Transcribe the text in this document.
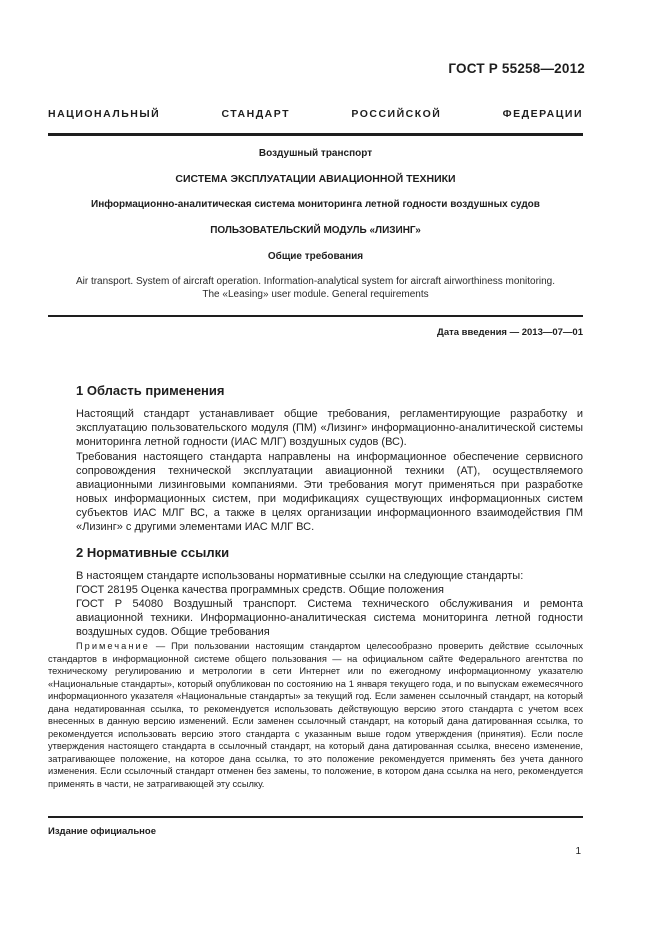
ГОСТ Р 55258—2012
НАЦИОНАЛЬНЫЙ СТАНДАРТ РОССИЙСКОЙ ФЕДЕРАЦИИ
Воздушный транспорт
СИСТЕМА ЭКСПЛУАТАЦИИ АВИАЦИОННОЙ ТЕХНИКИ
Информационно-аналитическая система мониторинга летной годности воздушных судов
ПОЛЬЗОВАТЕЛЬСКИЙ МОДУЛЬ «ЛИЗИНГ»
Общие требования
Air transport. System of aircraft operation. Information-analytical system for aircraft airworthiness monitoring.
The «Leasing» user module. General requirements
Дата введения — 2013—07—01
1 Область применения

Настоящий стандарт устанавливает общие требования, регламентирующие разработку и эксплуатацию пользовательского модуля (ПМ) «Лизинг» информационно-аналитической системы мониторинга летной годности (ИАС МЛГ) воздушных судов (ВС).

Требования настоящего стандарта направлены на информационное обеспечение сервисного сопровождения технической эксплуатации авиационной техники (АТ), осуществляемого авиационными лизинговыми компаниями. Эти требования могут применяться при разработке новых информационных систем, при модификациях существующих информационных систем субъектов ИАС МЛГ ВС, а также в целях организации информационного взаимодействия ПМ «Лизинг» с другими элементами ИАС МЛГ ВС.

2 Нормативные ссылки

В настоящем стандарте использованы нормативные ссылки на следующие стандарты:

ГОСТ 28195 Оценка качества программных средств. Общие положения

ГОСТ Р 54080 Воздушный транспорт. Система технического обслуживания и ремонта авиационной техники. Информационно-аналитическая система мониторинга летной годности воздушных судов. Общие требования

Примечание — При пользовании настоящим стандартом целесообразно проверить действие ссылочных стандартов в информационной системе общего пользования — на официальном сайте Федерального агентства по техническому регулированию и метрологии в сети Интернет или по ежегодному информационному указателю «Национальные стандарты», который опубликован по состоянию на 1 января текущего года, и по выпускам ежемесячного информационного указателя «Национальные стандарты» за текущий год. Если заменен ссылочный стандарт, на который дана недатированная ссылка, то рекомендуется использовать действующую версию этого стандарта с учетом всех внесенных в данную версию изменений. Если заменен ссылочный стандарт, на который дана датированная ссылка, то рекомендуется использовать версию этого стандарта с указанным выше годом утверждения (принятия). Если после утверждения настоящего стандарта в ссылочный стандарт, на который дана датированная ссылка, внесено изменение, затрагивающее положение, на которое дана ссылка, то это положение рекомендуется применять без учета данного изменения. Если ссылочный стандарт отменен без замены, то положение, в котором дана ссылка на него, рекомендуется применять в части, не затрагивающей эту ссылку.
Издание официальное
1
